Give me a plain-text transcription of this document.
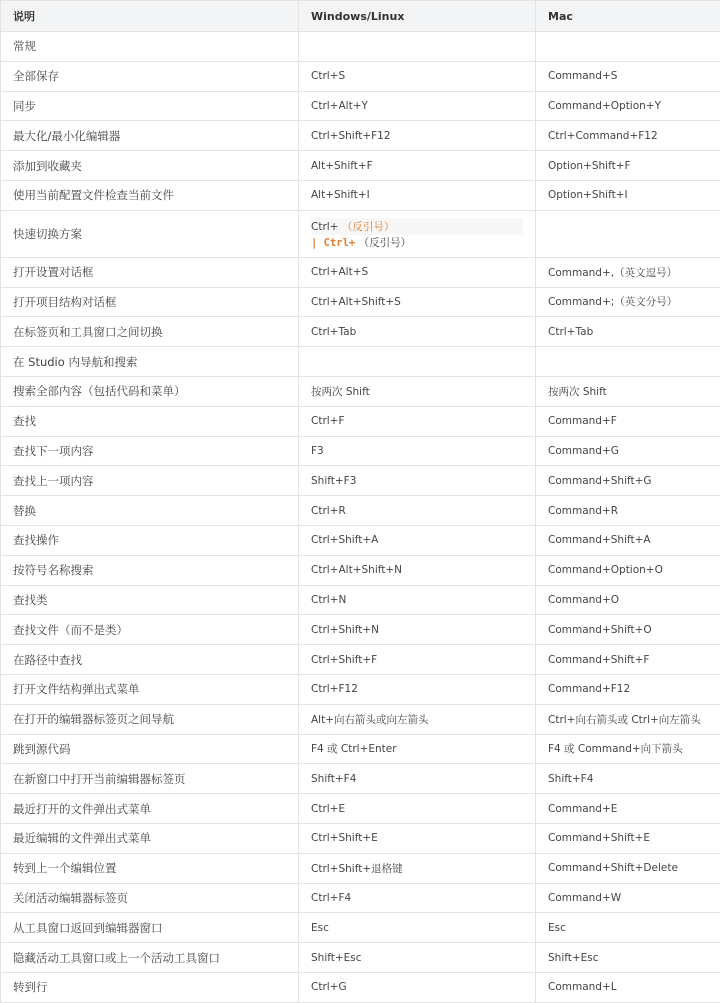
说明	Windows/Linux	Mac
常规		
全部保存	Ctrl+S	Command+S
同步	Ctrl+Alt+Y	Command+Option+Y
最大化/最小化编辑器	Ctrl+Shift+F12	Ctrl+Command+F12
添加到收藏夹	Alt+Shift+F	Option+Shift+F
使用当前配置文件检查当前文件	Alt+Shift+I	Option+Shift+I
快速切换方案	Ctrl+ （反引号）
| Ctrl+ （反引号）	

打开设置对话框	Ctrl+Alt+S	Command+,（英文逗号）
打开项目结构对话框	Ctrl+Alt+Shift+S	Command+;（英文分号）
在标签页和工具窗口之间切换	Ctrl+Tab	Ctrl+Tab
在 Studio 内导航和搜索		
搜索全部内容（包括代码和菜单）	按两次 Shift	按两次 Shift
查找	Ctrl+F	Command+F
查找下一项内容	F3	Command+G
查找上一项内容	Shift+F3	Command+Shift+G
替换	Ctrl+R	Command+R
查找操作	Ctrl+Shift+A	Command+Shift+A
按符号名称搜索	Ctrl+Alt+Shift+N	Command+Option+O
查找类	Ctrl+N	Command+O
查找文件（而不是类）	Ctrl+Shift+N	Command+Shift+O
在路径中查找	Ctrl+Shift+F	Command+Shift+F
打开文件结构弹出式菜单	Ctrl+F12	Command+F12
在打开的编辑器标签页之间导航	Alt+向右箭头或向左箭头	Ctrl+向右箭头或 Ctrl+向左箭头
跳到源代码	F4 或 Ctrl+Enter	F4 或 Command+向下箭头
在新窗口中打开当前编辑器标签页	Shift+F4	Shift+F4
最近打开的文件弹出式菜单	Ctrl+E	Command+E
最近编辑的文件弹出式菜单	Ctrl+Shift+E	Command+Shift+E
转到上一个编辑位置	Ctrl+Shift+退格键	Command+Shift+Delete
关闭活动编辑器标签页	Ctrl+F4	Command+W
从工具窗口返回到编辑器窗口	Esc	Esc
隐藏活动工具窗口或上一个活动工具窗口	Shift+Esc	Shift+Esc
转到行	Ctrl+G	Command+L
